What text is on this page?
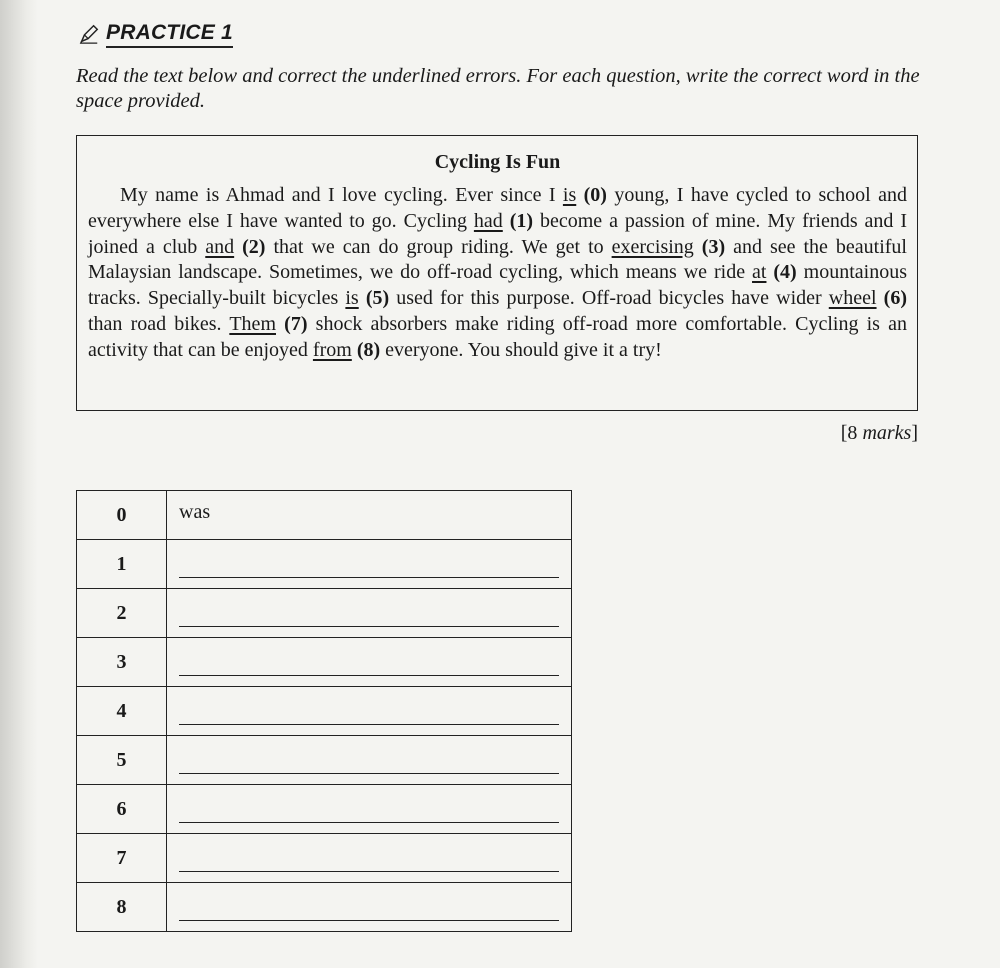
PRACTICE 1
Read the text below and correct the underlined errors. For each question, write the correct word in the space provided.
Cycling Is Fun

My name is Ahmad and I love cycling. Ever since I is (0) young, I have cycled to school and everywhere else I have wanted to go. Cycling had (1) become a passion of mine. My friends and I joined a club and (2) that we can do group riding. We get to exercising (3) and see the beautiful Malaysian landscape. Sometimes, we do off-road cycling, which means we ride at (4) mountainous tracks. Specially-built bicycles is (5) used for this purpose. Off-road bicycles have wider wheel (6) than road bikes. Them (7) shock absorbers make riding off-road more comfortable. Cycling is an activity that can be enjoyed from (8) everyone. You should give it a try!

[8 marks]
0	was

1	

2	

3	

4	

5	

6	

7	

8	
